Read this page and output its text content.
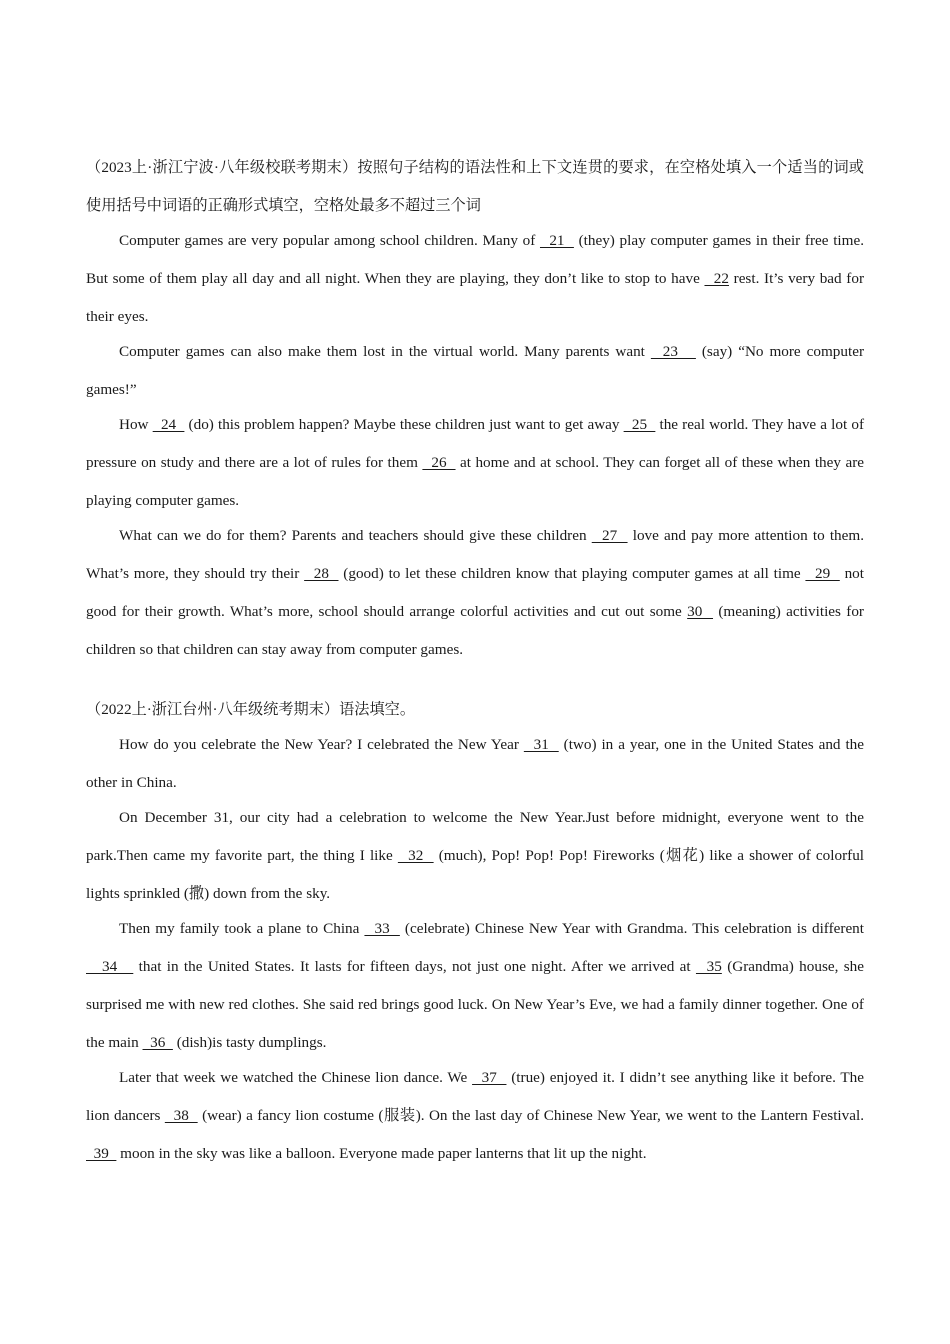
（2023上·浙江宁波·八年级校联考期末）按照句子结构的语法性和上下文连贯的要求，在空格处填入一个适当的词或使用括号中词语的正确形式填空，空格处最多不超过三个词

Computer games are very popular among school children. Many of   21   (they) play computer games in their free time. But some of them play all day and all night. When they are playing, they don’t like to stop to have   22 rest. It’s very bad for their eyes.

Computer games can also make them lost in the virtual world. Many parents want   23    (say) “No more computer games!”

How   24   (do) this problem happen? Maybe these children just want to get away   25   the real world. They have a lot of pressure on study and there are a lot of rules for them   26   at home and at school. They can forget all of these when they are playing computer games.

What can we do for them? Parents and teachers should give these children   27   love and pay more attention to them. What’s more, they should try their   28   (good) to let these children know that playing computer games at all time   29   not good for their growth. What’s more, school should arrange colorful activities and cut out some 30   (meaning) activities for children so that children can stay away from computer games.

（2022上·浙江台州·八年级统考期末）语法填空。

How do you celebrate the New Year? I celebrated the New Year   31   (two) in a year, one in the United States and the other in China.

On December 31, our city had a celebration to welcome the New Year.Just before midnight, everyone went to the park.Then came my favorite part, the thing I like   32   (much), Pop! Pop! Pop! Fireworks (烟花) like a shower of colorful lights sprinkled (撒) down from the sky.

Then my family took a plane to China   33   (celebrate) Chinese New Year with Grandma. This celebration is different    34    that in the United States. It lasts for fifteen days, not just one night. After we arrived at   35 (Grandma) house, she surprised me with new red clothes. She said red brings good luck. On New Year’s Eve, we had a family dinner together. One of the main   36   (dish)is tasty dumplings.

Later that week we watched the Chinese lion dance. We   37   (true) enjoyed it. I didn’t see anything like it before. The lion dancers   38   (wear) a fancy lion costume (服装). On the last day of Chinese New Year, we went to the Lantern Festival.   39   moon in the sky was like a balloon. Everyone made paper lanterns that lit up the night.
